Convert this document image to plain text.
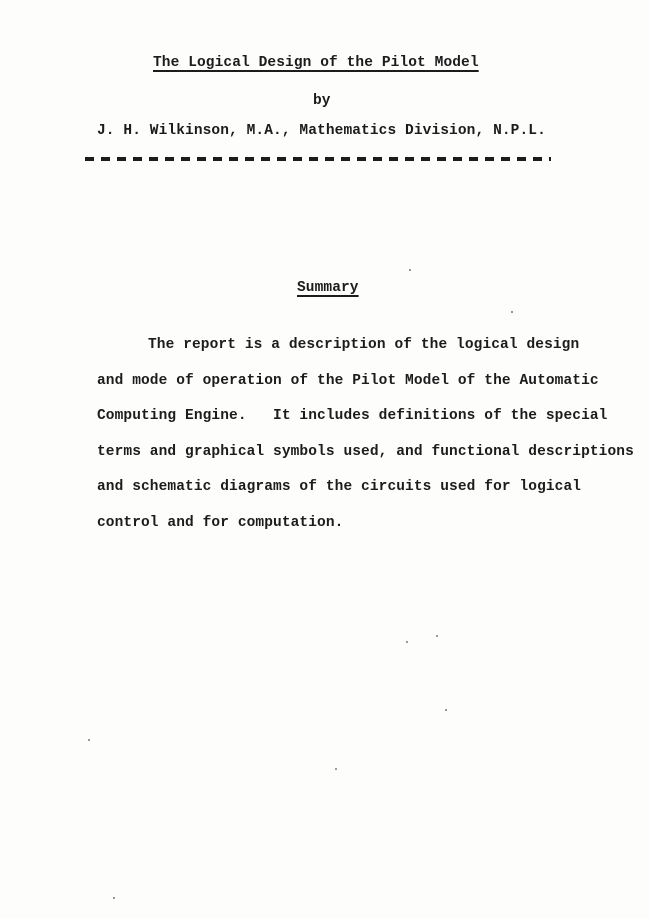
The Logical Design of the Pilot Model
by
J. H. Wilkinson, M.A., Mathematics Division, N.P.L.
Summary
The report is a description of the logical design
and mode of operation of the Pilot Model of the Automatic
Computing Engine.   It includes definitions of the special
terms and graphical symbols used, and functional descriptions
and schematic diagrams of the circuits used for logical
control and for computation.
